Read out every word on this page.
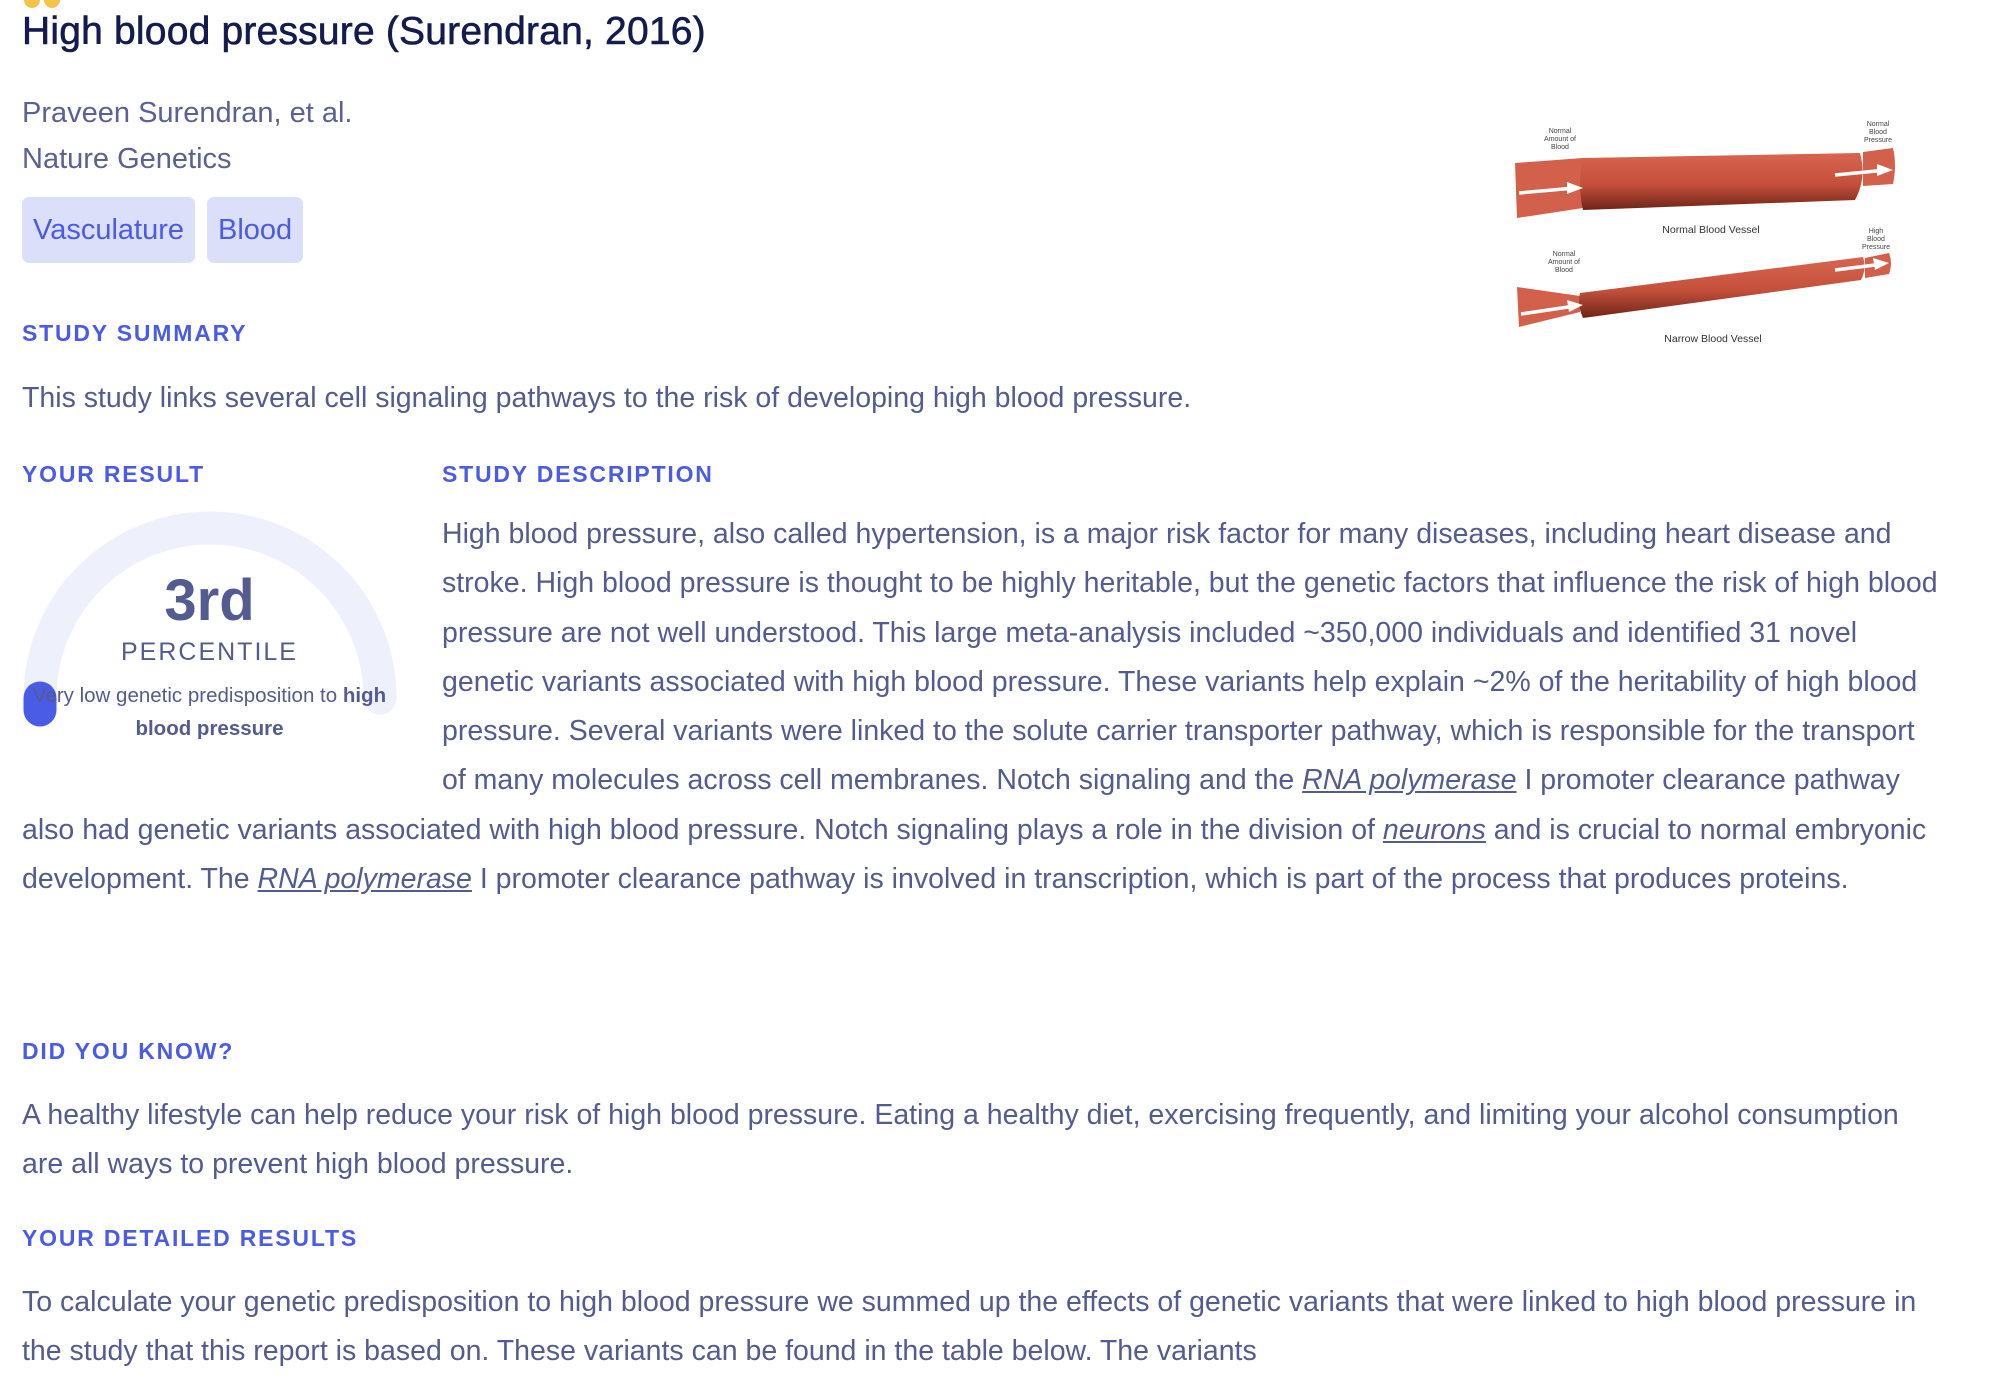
High blood pressure (Surendran, 2016)
Praveen Surendran, et al.
Nature Genetics
Vasculature	Blood
Normal
Amount of
Blood
Normal
Blood
Pressure
Normal Blood Vessel
Normal
Amount of
Blood
High
Blood
Pressure
Narrow Blood Vessel
STUDY SUMMARY

This study links several cell signaling pathways to the risk of developing high blood pressure.

YOUR RESULT
3rd
PERCENTILE
Very low genetic predisposition to high blood pressure
STUDY DESCRIPTION

High blood pressure, also called hypertension, is a major risk factor for many diseases, including heart disease and stroke. High blood pressure is thought to be highly heritable, but the genetic factors that influence the risk of high blood pressure are not well understood. This large meta-analysis included ~350,000 individuals and identified 31 novel genetic variants associated with high blood pressure. These variants help explain ~2% of the heritability of high blood pressure. Several variants were linked to the solute carrier transporter pathway, which is responsible for the transport of many molecules across cell membranes. Notch signaling and the RNA polymerase I promoter clearance pathway also had genetic variants associated with high blood pressure. Notch signaling plays a role in the division of neurons and is crucial to normal embryonic development. The RNA polymerase I promoter clearance pathway is involved in transcription, which is part of the process that produces proteins.

DID YOU KNOW?

A healthy lifestyle can help reduce your risk of high blood pressure. Eating a healthy diet, exercising frequently, and limiting your alcohol consumption are all ways to prevent high blood pressure.

YOUR DETAILED RESULTS

To calculate your genetic predisposition to high blood pressure we summed up the effects of genetic variants that were linked to high blood pressure in the study that this report is based on. These variants can be found in the table below. The variants
